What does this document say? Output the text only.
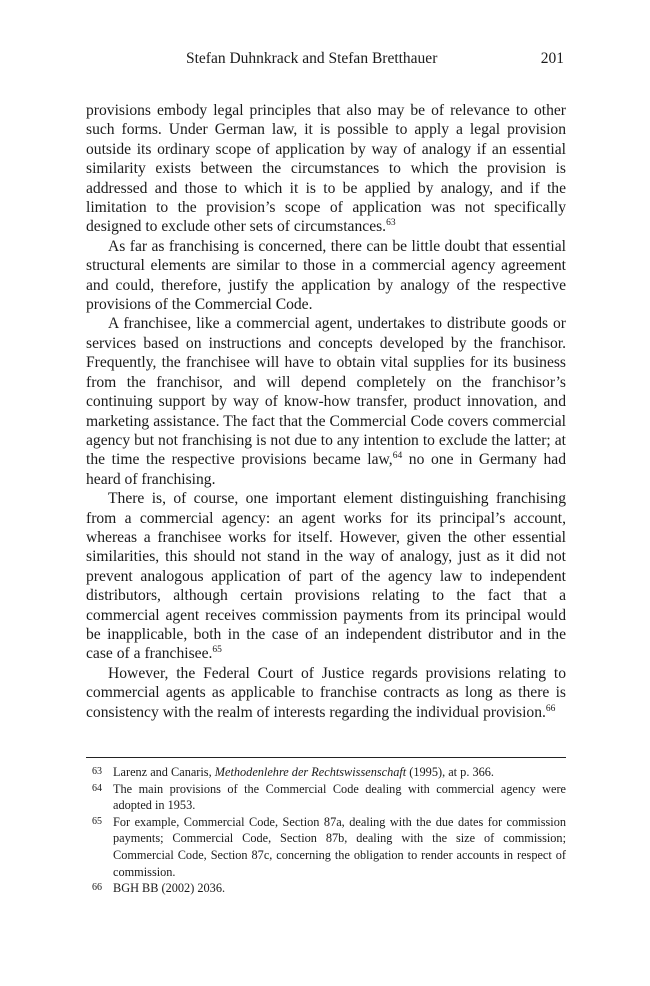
Stefan Duhnkrack and Stefan Bretthauer	201

provisions embody legal principles that also may be of relevance to other such forms. Under German law, it is possible to apply a legal provision outside its ordinary scope of application by way of analogy if an essential similarity exists between the circumstances to which the provision is addressed and those to which it is to be applied by analogy, and if the limitation to the provision’s scope of application was not specifically designed to exclude other sets of circumstances.$^{63}$

As far as franchising is concerned, there can be little doubt that essential structural elements are similar to those in a commercial agency agreement and could, therefore, justify the application by analogy of the respective provisions of the Commercial Code.

A franchisee, like a commercial agent, undertakes to distribute goods or services based on instructions and concepts developed by the franchisor. Frequently, the franchisee will have to obtain vital supplies for its business from the franchisor, and will depend completely on the franchisor’s continuing support by way of know-how transfer, product innovation, and marketing assistance. The fact that the Commercial Code covers commercial agency but not franchising is not due to any intention to exclude the latter; at the time the respective provisions became law,$^{64}$ no one in Germany had heard of franchising.

There is, of course, one important element distinguishing franchising from a commercial agency: an agent works for its principal’s account, whereas a franchisee works for itself. However, given the other essential similarities, this should not stand in the way of analogy, just as it did not prevent analogous application of part of the agency law to independent distributors, although certain provisions relating to the fact that a commercial agent receives commission payments from its principal would be inapplicable, both in the case of an independent distributor and in the case of a franchisee.$^{65}$

However, the Federal Court of Justice regards provisions relating to commercial agents as applicable to franchise contracts as long as there is consistency with the realm of interests regarding the individual provision.$^{66}$

63 Larenz and Canaris, Methodenlehre der Rechtswissenschaft (1995), at p. 366.
64 The main provisions of the Commercial Code dealing with commercial agency were adopted in 1953.
65 For example, Commercial Code, Section 87a, dealing with the due dates for commission payments; Commercial Code, Section 87b, dealing with the size of commission; Commercial Code, Section 87c, concerning the obligation to render accounts in respect of commission.
66 BGH BB (2002) 2036.
